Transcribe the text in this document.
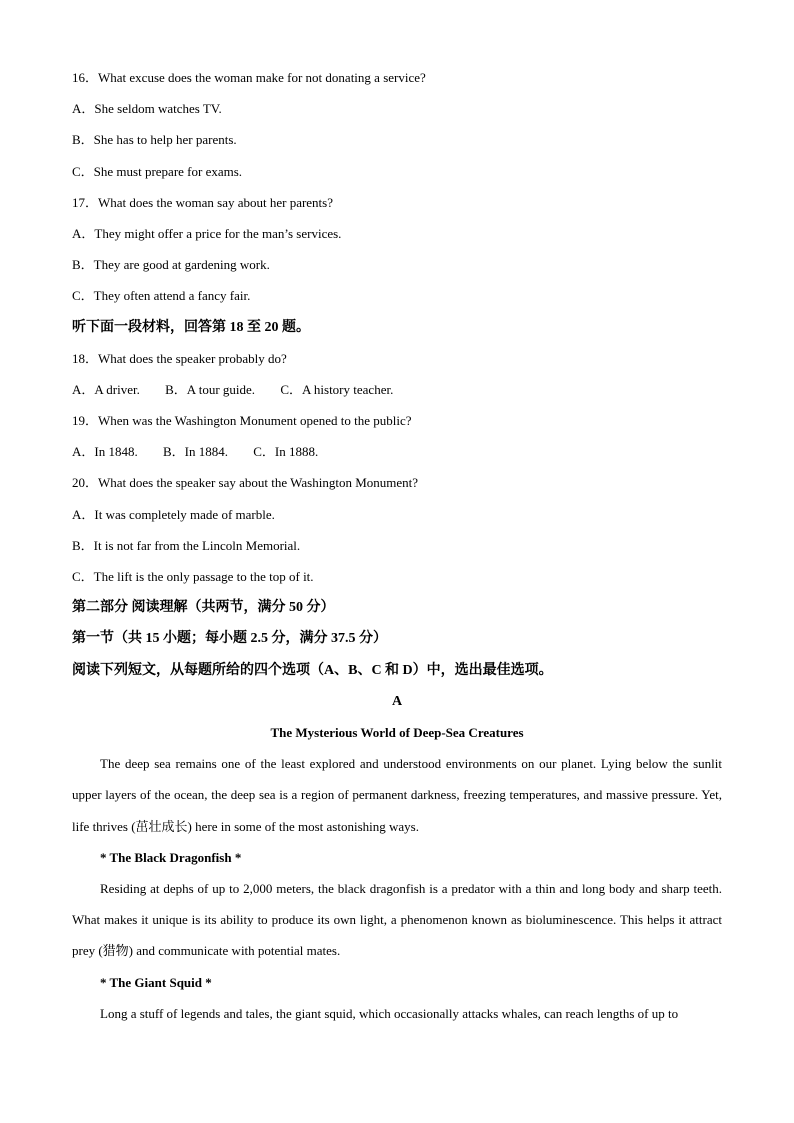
16．What excuse does the woman make for not donating a service?
A．She seldom watches TV.
B．She has to help her parents.
C．She must prepare for exams.
17．What does the woman say about her parents?
A．They might offer a price for the man’s services.
B．They are good at gardening work.
C．They often attend a fancy fair.
听下面一段材料，回答第 18 至 20 题。
18．What does the speaker probably do?
A．A driver. B．A tour guide. C．A history teacher.
19．When was the Washington Monument opened to the public?
A．In 1848. B．In 1884. C．In 1888.
20．What does the speaker say about the Washington Monument?
A．It was completely made of marble.
B．It is not far from the Lincoln Memorial.
C．The lift is the only passage to the top of it.
第二部分 阅读理解（共两节，满分 50 分）
第一节（共 15 小题；每小题 2.5 分，满分 37.5 分）
阅读下列短文，从每题所给的四个选项（A、B、C 和 D）中，选出最佳选项。
A
The Mysterious World of Deep-Sea Creatures

The deep sea remains one of the least explored and understood environments on our planet. Lying below the sunlit upper layers of the ocean, the deep sea is a region of permanent darkness, freezing temperatures, and massive pressure. Yet, life thrives (茁壮成长) here in some of the most astonishing ways.

* The Black Dragonfish *

Residing at dephs of up to 2,000 meters, the black dragonfish is a predator with a thin and long body and sharp teeth. What makes it unique is its ability to produce its own light, a phenomenon known as bioluminescence. This helps it attract prey (猎物) and communicate with potential mates.

* The Giant Squid *

Long a stuff of legends and tales, the giant squid, which occasionally attacks whales, can reach lengths of up to
